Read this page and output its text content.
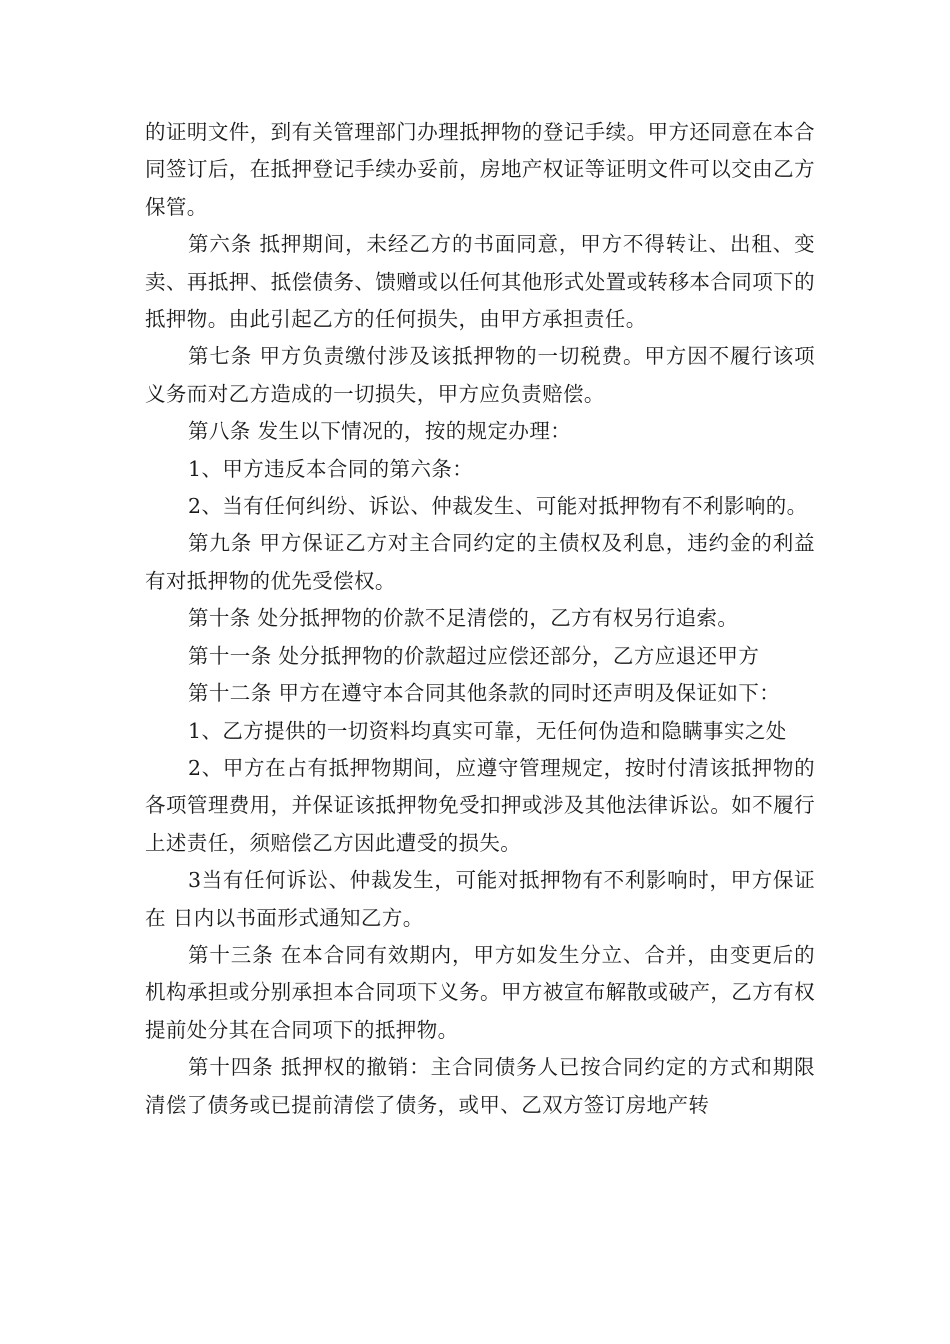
的证明文件，到有关管理部门办理抵押物的登记手续。甲方还同意在本合同签订后，在抵押登记手续办妥前，房地产权证等证明文件可以交由乙方保管。

第六条 抵押期间，未经乙方的书面同意，甲方不得转让、出租、变卖、再抵押、抵偿债务、馈赠或以任何其他形式处置或转移本合同项下的抵押物。由此引起乙方的任何损失，由甲方承担责任。

第七条 甲方负责缴付涉及该抵押物的一切税费。甲方因不履行该项义务而对乙方造成的一切损失，甲方应负责赔偿。

第八条 发生以下情况的，按的规定办理：

1、甲方违反本合同的第六条：

2、当有任何纠纷、诉讼、仲裁发生、可能对抵押物有不利影响的。

第九条 甲方保证乙方对主合同约定的主债权及利息，违约金的利益有对抵押物的优先受偿权。

第十条 处分抵押物的价款不足清偿的，乙方有权另行追索。

第十一条 处分抵押物的价款超过应偿还部分，乙方应退还甲方

第十二条 甲方在遵守本合同其他条款的同时还声明及保证如下：

1、乙方提供的一切资料均真实可靠，无任何伪造和隐瞒事实之处

2、甲方在占有抵押物期间，应遵守管理规定，按时付清该抵押物的各项管理费用，并保证该抵押物免受扣押或涉及其他法律诉讼。如不履行上述责任，须赔偿乙方因此遭受的损失。

3当有任何诉讼、仲裁发生，可能对抵押物有不利影响时，甲方保证在 日内以书面形式通知乙方。

第十三条 在本合同有效期内，甲方如发生分立、合并，由变更后的机构承担或分别承担本合同项下义务。甲方被宣布解散或破产，乙方有权提前处分其在合同项下的抵押物。

第十四条 抵押权的撤销：主合同债务人已按合同约定的方式和期限清偿了债务或已提前清偿了债务，或甲、乙双方签订房地产转
